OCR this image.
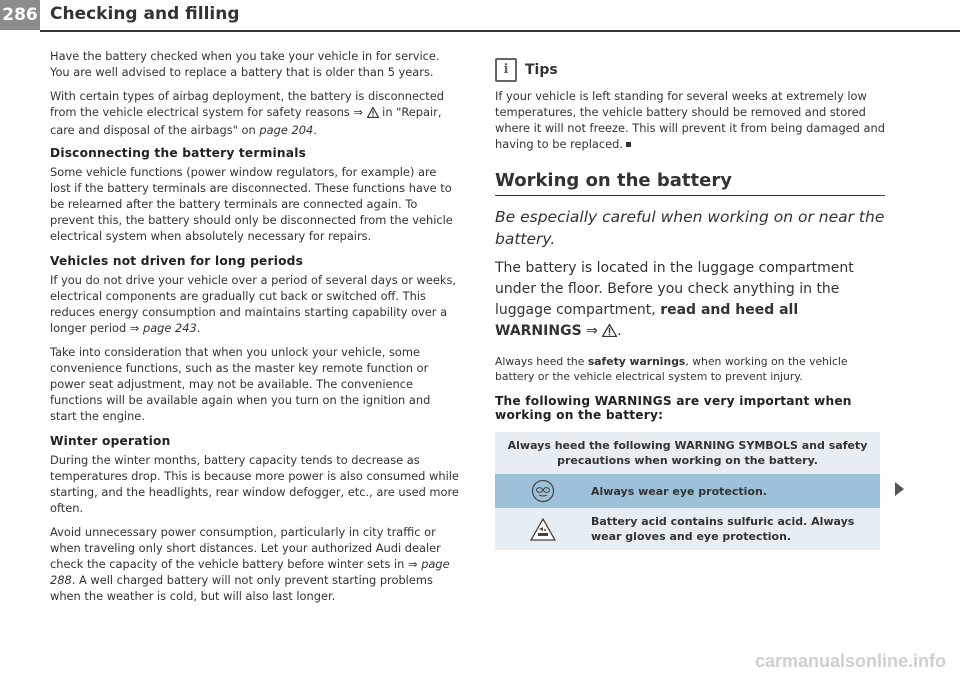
286 Checking and filling

Have the battery checked when you take your vehicle in for service. You are well advised to replace a battery that is older than 5 years.

With certain types of airbag deployment, the battery is disconnected from the vehicle electrical system for safety reasons ⇒  in "Repair, care and disposal of the airbags" on page 204.

Disconnecting the battery terminals

Some vehicle functions (power window regulators, for example) are lost if the battery terminals are disconnected. These functions have to be relearned after the battery terminals are connected again. To prevent this, the battery should only be disconnected from the vehicle electrical system when absolutely necessary for repairs.

Vehicles not driven for long periods

If you do not drive your vehicle over a period of several days or weeks, electrical components are gradually cut back or switched off. This reduces energy consumption and maintains starting capability over a longer period ⇒ page 243.

Take into consideration that when you unlock your vehicle, some convenience functions, such as the master key remote function or power seat adjustment, may not be available. The convenience functions will be available again when you turn on the ignition and start the engine.

Winter operation

During the winter months, battery capacity tends to decrease as temperatures drop. This is because more power is also consumed while starting, and the headlights, rear window defogger, etc., are used more often.

Avoid unnecessary power consumption, particularly in city traffic or when traveling only short distances. Let your authorized Audi dealer check the capacity of the vehicle battery before winter sets in ⇒ page 288. A well charged battery will not only prevent starting problems when the weather is cold, but will also last longer.

i	Tips

If your vehicle is left standing for several weeks at extremely low temperatures, the vehicle battery should be removed and stored where it will not freeze. This will prevent it from being damaged and having to be replaced.

Working on the battery
Be especially careful when working on or near the battery.
The battery is located in the luggage compartment under the floor. Before you check anything in the luggage compartment, read and heed all WARNINGS ⇒ .

Always heed the safety warnings, when working on the vehicle battery or the vehicle electrical system to prevent injury.

The following WARNINGS are very important when working on the battery:
Always heed the following WARNING SYMBOLS and safety precautions when working on the battery.
Always wear eye protection.
Battery acid contains sulfuric acid. Always wear gloves and eye protection.
carmanualsonline.info
